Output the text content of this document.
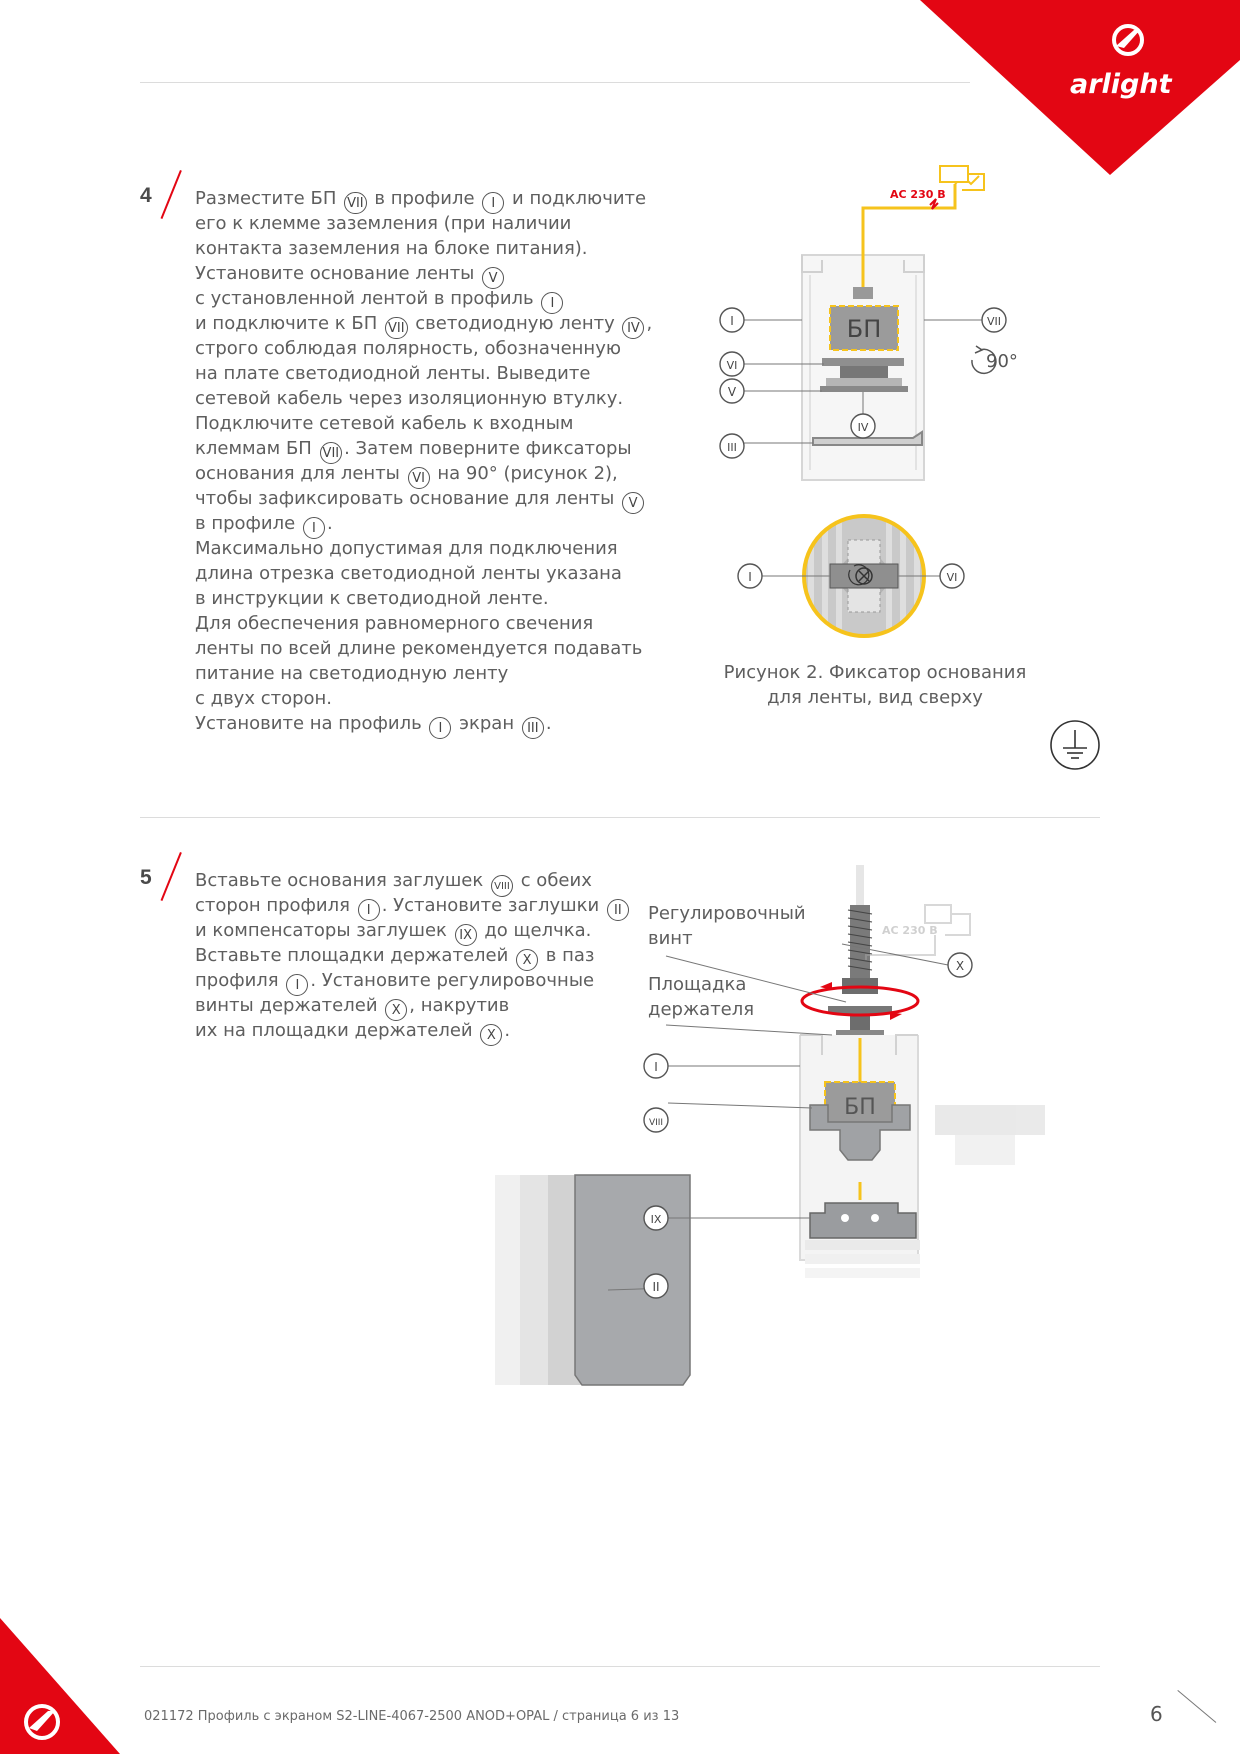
arlight
4 Разместите БП VII в профиле I и подключите
его к клемме заземления (при наличии
контакта заземления на блоке питания).
Установите основание ленты V
с установленной лентой в профиль I
и подключите к БП VII светодиодную ленту IV ,
строго соблюдая полярность, обозначенную
на плате светодиодной ленты. Выведите
сетевой кабель через изоляционную втулку.
Подключите сетевой кабель к входным
клеммам БП VII . Затем поверните фиксаторы
основания для ленты VI на 90° (рисунок 2),
чтобы зафиксировать основание для ленты V
в профиле I .
Максимально допустимая для подключения
длина отрезка светодиодной ленты указана
в инструкции к светодиодной ленте.
Для обеспечения равномерного свечения
ленты по всей длине рекомендуется подавать
питание на светодиодную ленту
с двух сторон.
Установите на профиль I экран III .
AC 230 B
БП
90°
I	VII
VI
V
IV
III
I	VI
Рисунок 2. Фиксатор основания
для ленты, вид сверху
5 Вставьте основания заглушек VIII с обеих
сторон профиля I . Установите заглушки II
и компенсаторы заглушек IX до щелчка.
Вставьте площадки держателей X в паз
профиля I . Установите регулировочные
винты держателей X , накрутив
их на площадки держателей X .
Регулировочный
винт
Площадка
держателя
AC 230 B
БП
X
I
VIII
IX
II
021172 Профиль с экраном S2-LINE-4067-2500 ANOD+OPAL / страница 6 из 13	6
